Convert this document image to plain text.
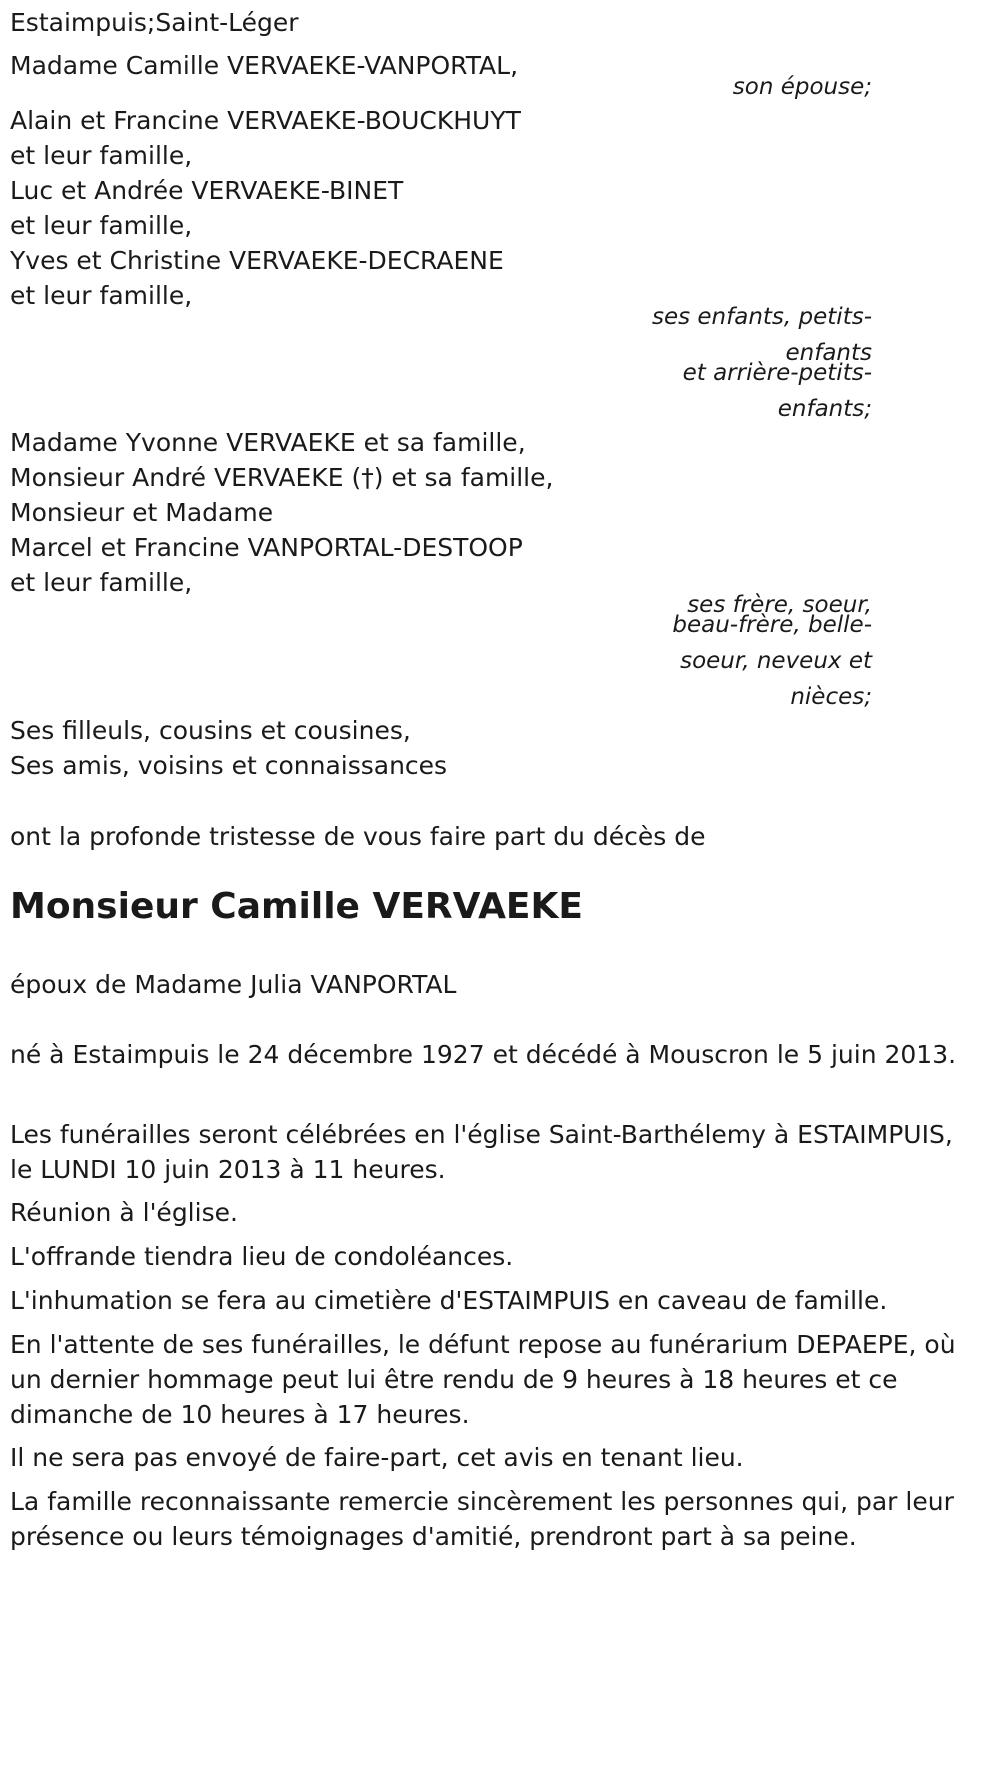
Estaimpuis;Saint-Léger
Madame Camille VERVAEKE-VANPORTAL,
son épouse;
Alain et Francine VERVAEKE-BOUCKHUYT
et leur famille,
Luc et Andrée VERVAEKE-BINET
et leur famille,
Yves et Christine VERVAEKE-DECRAENE
et leur famille,
ses enfants, petits-
enfants
et arrière-petits-
enfants;
Madame Yvonne VERVAEKE et sa famille,
Monsieur André VERVAEKE (†) et sa famille,
Monsieur et Madame
Marcel et Francine VANPORTAL-DESTOOP
et leur famille,
ses frère, soeur,
beau-frère, belle-
soeur, neveux et
nièces;
Ses filleuls, cousins et cousines,
Ses amis, voisins et connaissances
ont la profonde tristesse de vous faire part du décès de
Monsieur Camille VERVAEKE
époux de Madame Julia VANPORTAL
né à Estaimpuis le 24 décembre 1927 et décédé à Mouscron le 5 juin 2013.
Les funérailles seront célébrées en l'église Saint-Barthélemy à ESTAIMPUIS, le LUNDI 10 juin 2013 à 11 heures.
Réunion à l'église.
L'offrande tiendra lieu de condoléances.
L'inhumation se fera au cimetière d'ESTAIMPUIS en caveau de famille.
En l'attente de ses funérailles, le défunt repose au funérarium DEPAEPE, où un dernier hommage peut lui être rendu de 9 heures à 18 heures et ce dimanche de 10 heures à 17 heures.
Il ne sera pas envoyé de faire-part, cet avis en tenant lieu.
La famille reconnaissante remercie sincèrement les personnes qui, par leur présence ou leurs témoignages d'amitié, prendront part à sa peine.
